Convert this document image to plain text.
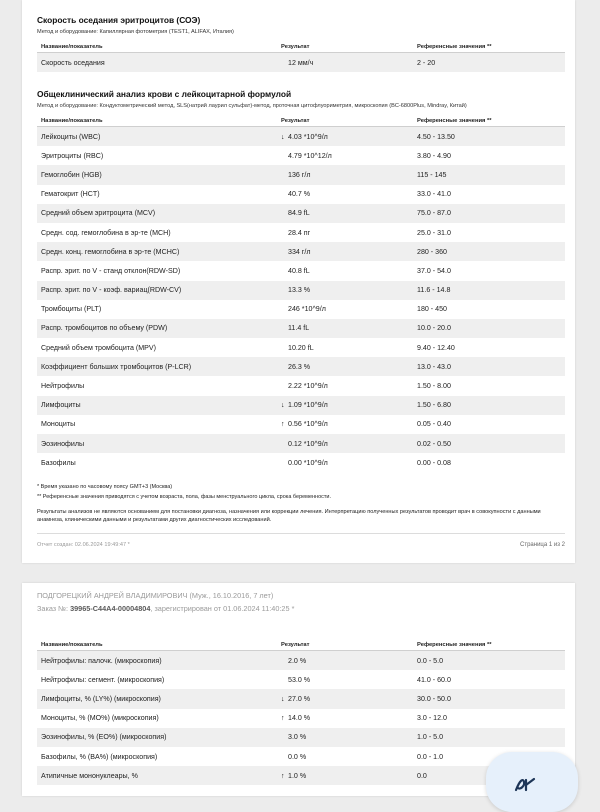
Скорость оседания эритроцитов (СОЭ)
Метод и оборудование: Капиллярная фотометрия (TEST1, ALIFAX, Италия)
Название/показатель	Результат	Референсные значения **
Скорость оседания	12 мм/ч	2 - 20
Общеклинический анализ крови с лейкоцитарной формулой
Метод и оборудование: Кондуктометрический метод, SLS(натрий лаурил сульфат)-метод, проточная цитофлуориметрия, микроскопия (BC-6800Plus, Mindray, Китай)
Название/показатель	Результат	Референсные значения **
Лейкоциты (WBC)	↓ 4.03 *10^9/л	4.50 - 13.50
Эритроциты (RBC)	4.79 *10^12/л	3.80 - 4.90
Гемоглобин (HGB)	136 г/л	115 - 145
Гематокрит (HCT)	40.7 %	33.0 - 41.0
Средний объем эритроцита (MCV)	84.9 fL	75.0 - 87.0
Средн. сод. гемоглобина в эр-те (MCH)	28.4 пг	25.0 - 31.0
Средн. конц. гемоглобина в эр-те (MCHC)	334 г/л	280 - 360
Распр. эрит. по V - станд отклон(RDW-SD)	40.8 fL	37.0 - 54.0
Распр. эрит. по V - коэф. вариац(RDW-CV)	13.3 %	11.6 - 14.8
Тромбоциты (PLT)	246 *10^9/л	180 - 450
Распр. тромбоцитов по объему (PDW)	11.4 fL	10.0 - 20.0
Средний объем тромбоцита (MPV)	10.20 fL	9.40 - 12.40
Коэффициент больших тромбоцитов (P-LCR)	26.3 %	13.0 - 43.0
Нейтрофилы	2.22 *10^9/л	1.50 - 8.00
Лимфоциты	↓ 1.09 *10^9/л	1.50 - 6.80
Моноциты	↑ 0.56 *10^9/л	0.05 - 0.40
Эозинофилы	0.12 *10^9/л	0.02 - 0.50
Базофилы	0.00 *10^9/л	0.00 - 0.08
* Время указано по часовому поясу GMT+3 (Москва)
** Референсные значения приводятся с учетом возраста, пола, фазы менструального цикла, срока беременности.
Результаты анализов не являются основанием для постановки диагноза, назначения или коррекции лечения. Интерпретацию полученных результатов проводит врач в совокупности с данными анамнеза, клиническими данными и результатами других диагностических исследований.
Отчет создан: 02.06.2024 19:49:47 *	Страница 1 из 2
ПОДГОРЕЦКИЙ АНДРЕЙ ВЛАДИМИРОВИЧ (Муж., 16.10.2016, 7 лет)
Заказ №: 39965-C44A4-00004804, зарегистрирован от 01.06.2024 11:40:25 *
Название/показатель	Результат	Референсные значения **
Нейтрофилы: палочк. (микроскопия)	2.0 %	0.0 - 5.0
Нейтрофилы: сегмент. (микроскопия)	53.0 %	41.0 - 60.0
Лимфоциты, % (LY%) (микроскопия)	↓ 27.0 %	30.0 - 50.0
Моноциты, % (MO%) (микроскопия)	↑ 14.0 %	3.0 - 12.0
Эозинофилы, % (EO%) (микроскопия)	3.0 %	1.0 - 5.0
Базофилы, % (BA%) (микроскопия)	0.0 %	0.0 - 1.0
Атипичные мононуклеары, %	↑ 1.0 %	0.0
